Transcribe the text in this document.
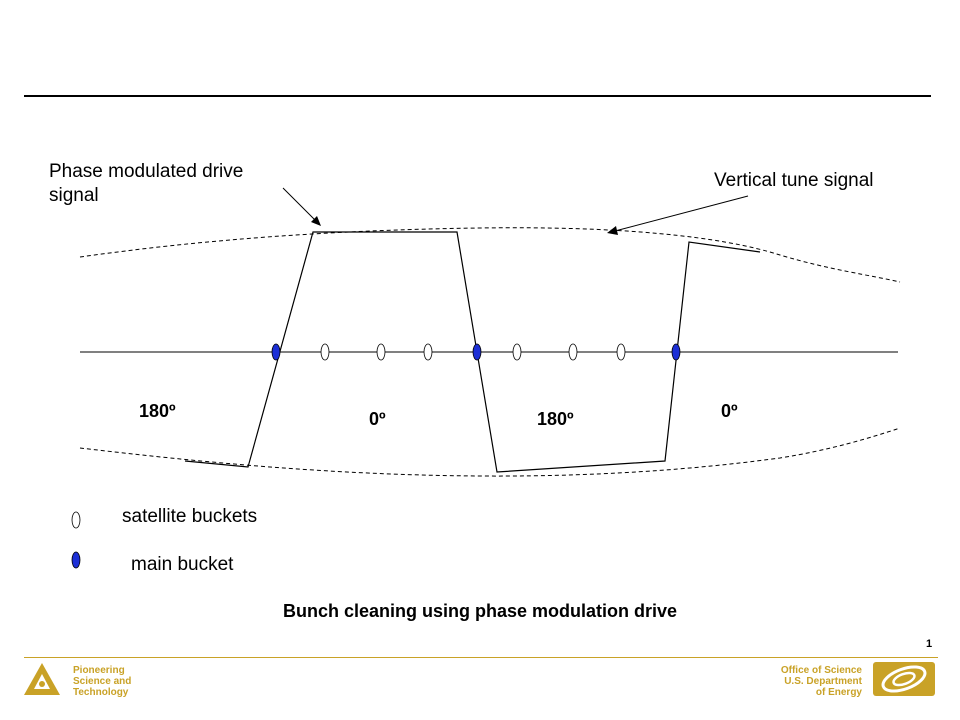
Phase modulated drive
signal
Vertical tune signal
180º	0º	180º	0º
satellite buckets
main bucket
Bunch cleaning using phase modulation drive
1
Pioneering
Science and
Technology
Office of Science
U.S. Department
of Energy
